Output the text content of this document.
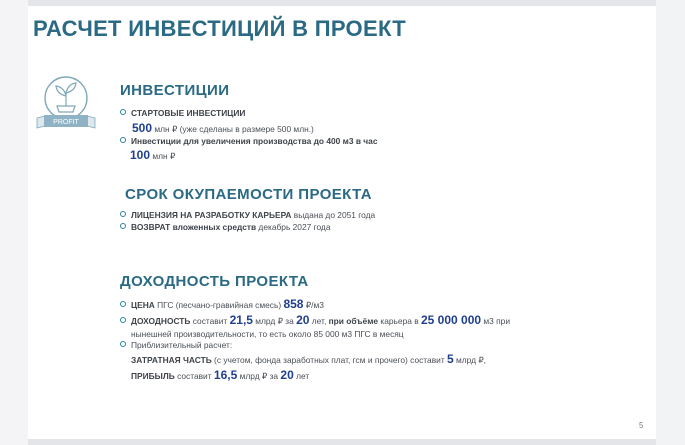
РАСЧЕТ ИНВЕСТИЦИЙ В ПРОЕКТ
PROFIT
ИНВЕСТИЦИИ
СТАРТОВЫЕ ИНВЕСТИЦИИ
500 млн ₽ (уже сделаны в размере 500 млн.)
Инвестиции для увеличения производства до 400 м3 в час
100 млн ₽
СРОК ОКУПАЕМОСТИ ПРОЕКТА
ЛИЦЕНЗИЯ НА РАЗРАБОТКУ КАРЬЕРА выдана до 2051 года
ВОЗВРАТ вложенных средств декабрь 2027 года
ДОХОДНОСТЬ ПРОЕКТА
ЦЕНА ПГС (песчано-гравийная смесь) 858 ₽/м3
ДОХОДНОСТЬ составит 21,5 млрд ₽ за 20 лет, при объёме карьера в 25 000 000 м3 при
нынешней производительности, то есть около 85 000 м3 ПГС в месяц
Приблизительный расчет:
ЗАТРАТНАЯ ЧАСТЬ (с учетом, фонда заработных плат, гсм и прочего) составит 5 млрд ₽,
ПРИБЫЛЬ составит 16,5 млрд ₽ за 20 лет
5
